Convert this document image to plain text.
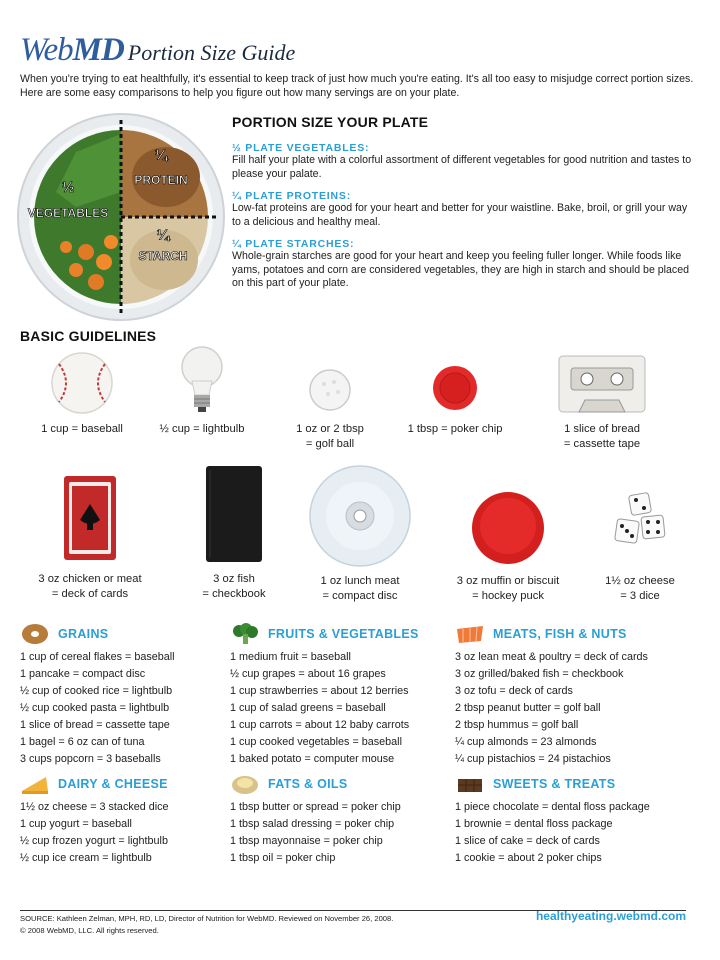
Web MD Portion Size Guide

When you're trying to eat healthfully, it's essential to keep track of just how much you're eating. It's all too easy to misjudge correct portion sizes. Here are some easy comparisons to help you figure out how many servings are on your plate.

½
VEGETABLES
¼
PROTEIN
¼
STARCH
PORTION SIZE YOUR PLATE
½ PLATE VEGETABLES:
Fill half your plate with a colorful assortment of different vegetables for good nutrition and tastes to please your palate.
¼ PLATE PROTEINS:
Low-fat proteins are good for your heart and better for your waistline. Bake, broil, or grill your way to a delicious and healthy meal.
¼ PLATE STARCHES:
Whole-grain starches are good for your heart and keep you feeling fuller longer. While foods like yams, potatoes and corn are considered vegetables, they are high in starch and should be placed on this part of your plate.
BASIC GUIDELINES
1 cup = baseball	½ cup = lightbulb	1 oz or 2 tbsp
= golf ball
1 tbsp = poker chip	1 slice of bread
= cassette tape
3 oz chicken or meat
= deck of cards
3 oz fish
= checkbook
1 oz lunch meat
= compact disc
3 oz muffin or biscuit
= hockey puck
1½ oz cheese
= 3 dice
GRAINS
1 cup of cereal flakes = baseball
1 pancake = compact disc
½ cup of cooked rice = lightbulb
½ cup cooked pasta = lightbulb
1 slice of bread = cassette tape
1 bagel = 6 oz can of tuna
3 cups popcorn = 3 baseballs
FRUITS & VEGETABLES
1 medium fruit = baseball
½ cup grapes = about 16 grapes
1 cup strawberries = about 12 berries
1 cup of salad greens = baseball
1 cup carrots = about 12 baby carrots
1 cup cooked vegetables = baseball
1 baked potato = computer mouse
MEATS, FISH & NUTS
3 oz lean meat & poultry = deck of cards
3 oz grilled/baked fish = checkbook
3 oz tofu = deck of cards
2 tbsp peanut butter = golf ball
2 tbsp hummus = golf ball
¼ cup almonds = 23 almonds
¼ cup pistachios = 24 pistachios
DAIRY & CHEESE
1½ oz cheese = 3 stacked dice
1 cup yogurt = baseball
½ cup frozen yogurt = lightbulb
½ cup ice cream = lightbulb
FATS & OILS
1 tbsp butter or spread = poker chip
1 tbsp salad dressing = poker chip
1 tbsp mayonnaise = poker chip
1 tbsp oil = poker chip
SWEETS & TREATS
1 piece chocolate = dental floss package
1 brownie = dental floss package
1 slice of cake = deck of cards
1 cookie = about 2 poker chips
SOURCE: Kathleen Zelman, MPH, RD, LD, Director of Nutrition for WebMD. Reviewed on November 26, 2008.
© 2008 WebMD, LLC. All rights reserved.
healthyeating.webmd.com
